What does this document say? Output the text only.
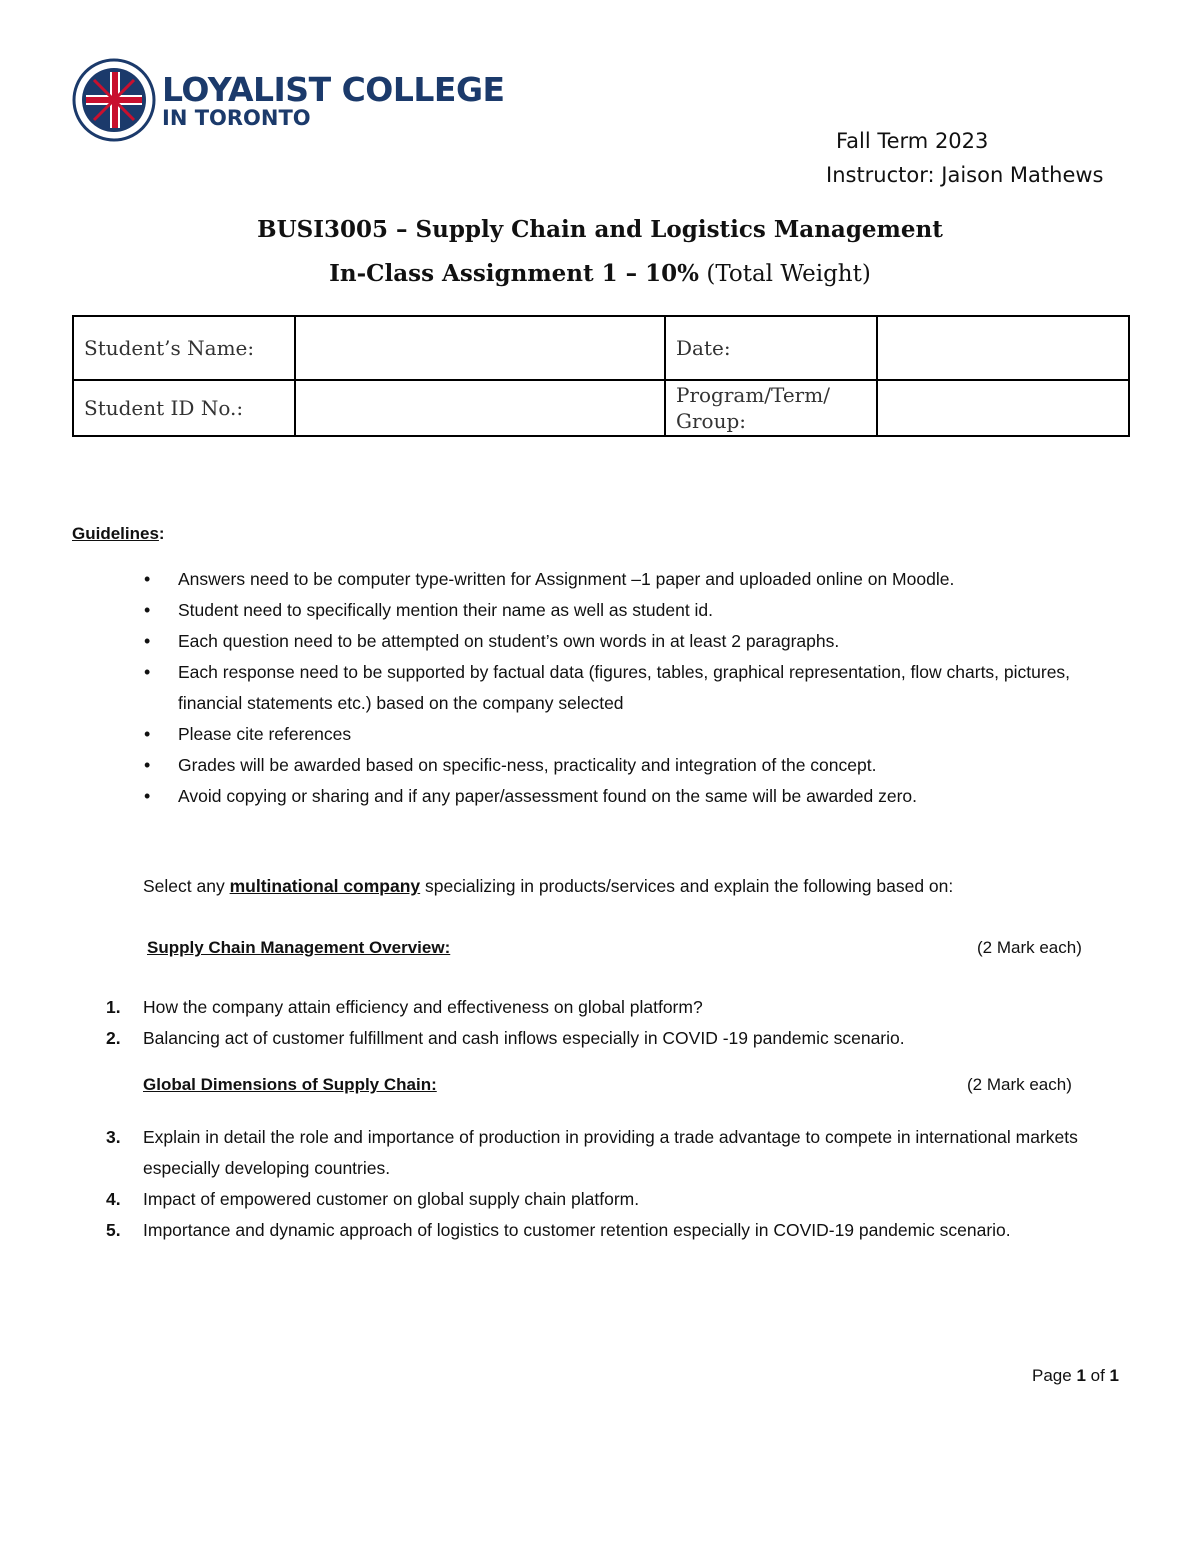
LOYALIST COLLEGE
IN TORONTO
Fall Term 2023
Instructor: Jaison Mathews
BUSI3005 – Supply Chain and Logistics Management
In-Class Assignment 1 – 10% (Total Weight)
Student’s Name:		Date:	
Student ID No.:		Program/Term/
Group:	

Guidelines:
• Answers need to be computer type-written for Assignment –1 paper and uploaded online on Moodle.
• Student need to specifically mention their name as well as student id.
• Each question need to be attempted on student’s own words in at least 2 paragraphs.
• Each response need to be supported by factual data (figures, tables, graphical representation, flow charts, pictures, financial statements etc.) based on the company selected
• Please cite references
• Grades will be awarded based on specific-ness, practicality and integration of the concept.
• Avoid copying or sharing and if any paper/assessment found on the same will be awarded zero.
Select any multinational company specializing in products/services and explain the following based on:
Supply Chain Management Overview:	(2 Mark each)
1. How the company attain efficiency and effectiveness on global platform?
2. Balancing act of customer fulfillment and cash inflows especially in COVID -19 pandemic scenario.
Global Dimensions of Supply Chain:	(2 Mark each)
3. Explain in detail the role and importance of production in providing a trade advantage to compete in international markets especially developing countries.
4. Impact of empowered customer on global supply chain platform.
5. Importance and dynamic approach of logistics to customer retention especially in COVID-19 pandemic scenario.
Page 1 of 1
